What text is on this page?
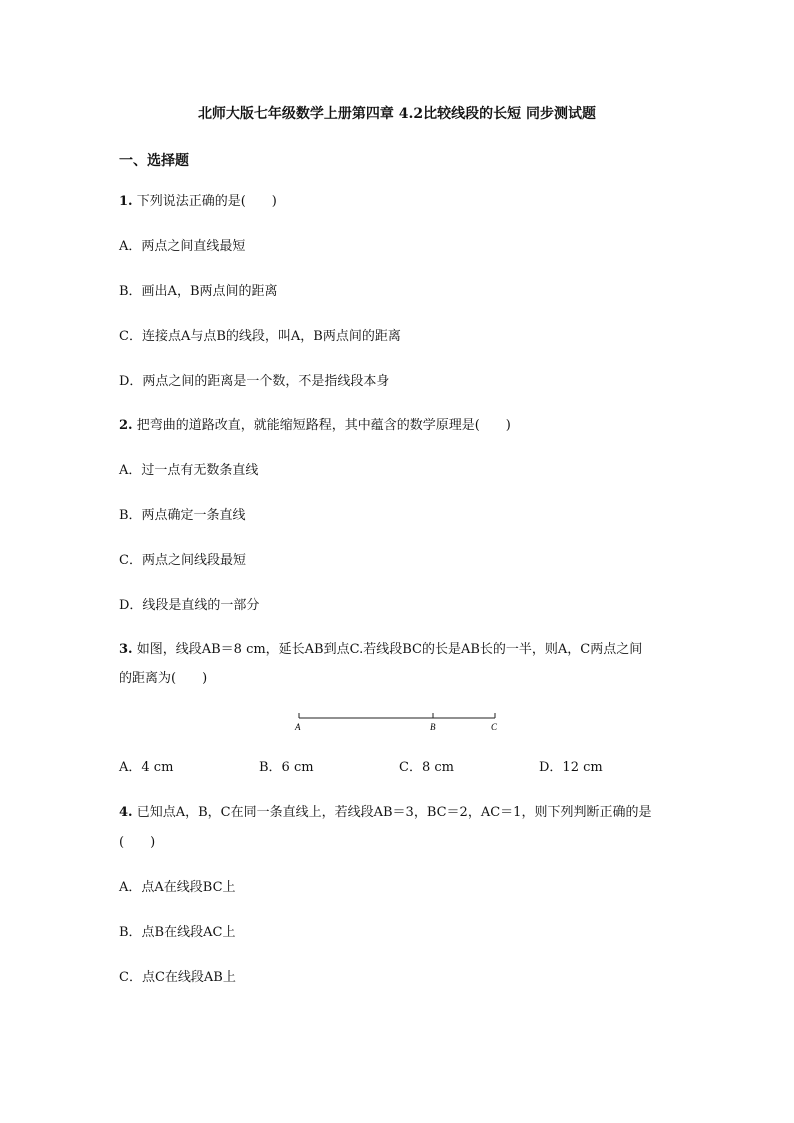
北师大版七年级数学上册第四章 4.2比较线段的长短 同步测试题
一、选择题
1. 下列说法正确的是(　　)
A．两点之间直线最短
B．画出A，B两点间的距离
C．连接点A与点B的线段，叫A，B两点间的距离
D．两点之间的距离是一个数，不是指线段本身
2. 把弯曲的道路改直，就能缩短路程，其中蕴含的数学原理是(　　)
A．过一点有无数条直线
B．两点确定一条直线
C．两点之间线段最短
D．线段是直线的一部分
3. 如图，线段AB＝8 cm，延长AB到点C.若线段BC的长是AB长的一半，则A，C两点之间
的距离为(　　)
A	B	C
A．4 cm	B．6 cm	C．8 cm	D．12 cm
4. 已知点A，B，C在同一条直线上，若线段AB＝3，BC＝2，AC＝1，则下列判断正确的是
(　　)
A．点A在线段BC上
B．点B在线段AC上
C．点C在线段AB上
